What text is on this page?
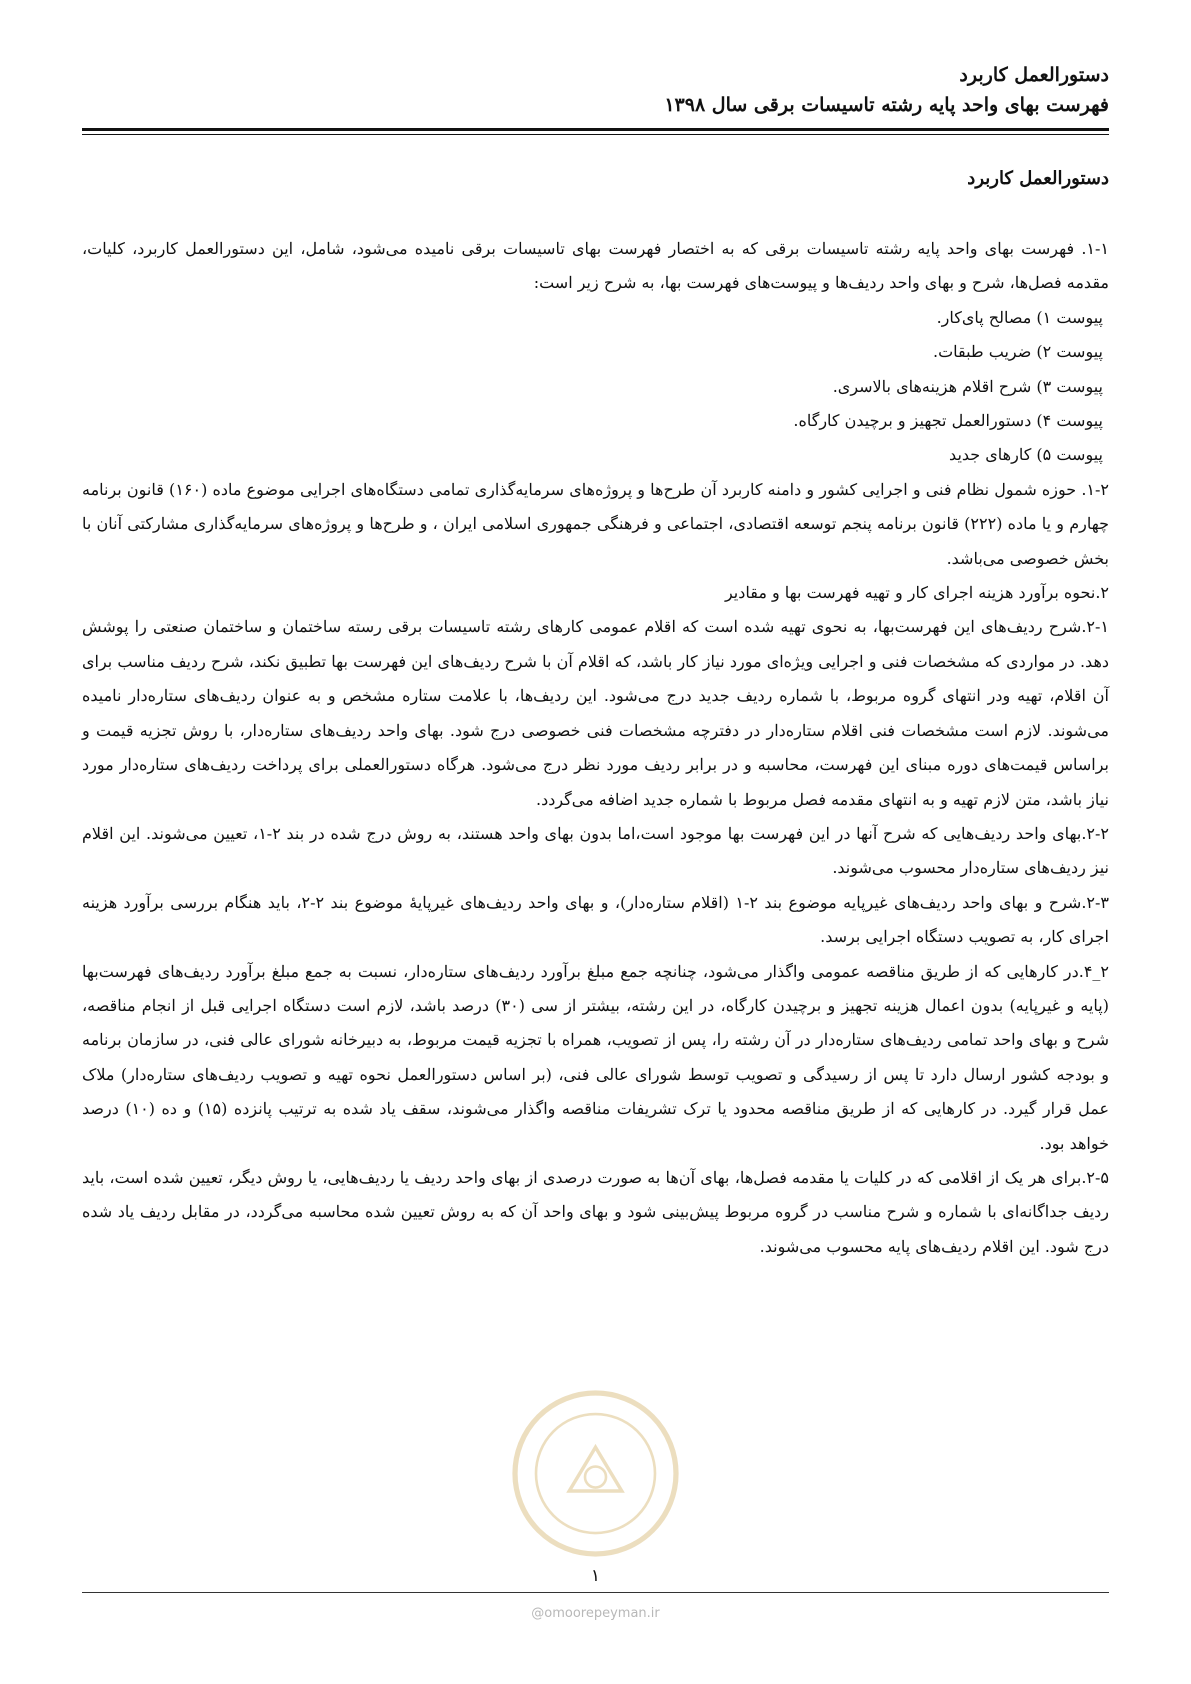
دستورالعمل کاربرد

فهرست بهای واحد پایه رشته تاسیسات برقی سال ۱۳۹۸

دستورالعمل کاربرد

۱-۱. فهرست بهای واحد پایه رشته تاسیسات برقی که به اختصار فهرست بهای تاسیسات برقی نامیده می‌شود، شامل، این دستورالعمل کاربرد، کلیات، مقدمه فصل‌ها، شرح و بهای واحد ردیف‌ها و پیوست‌های فهرست بها، به شرح زیر است:

پیوست ۱) مصالح پای‌کار.

پیوست ۲) ضریب طبقات.

پیوست ۳) شرح اقلام هزینه‌های بالاسری.

پیوست ۴) دستورالعمل تجهیز و برچیدن کارگاه.

پیوست ۵) کارهای جدید

۱-۲. حوزه شمول نظام فنی و اجرایی کشور و دامنه کاربرد آن طرح‌ها و پروژه‌های سرمایه‌گذاری تمامی دستگاه‌های اجرایی موضوع ماده (۱۶۰) قانون برنامه چهارم و یا ماده (۲۲۲) قانون برنامه پنجم توسعه اقتصادی، اجتماعی و فرهنگی جمهوری اسلامی ایران ، و طرح‌ها و پروژه‌های سرمایه‌گذاری مشارکتی آنان با بخش خصوصی می‌باشد.

۲.نحوه برآورد هزینه اجرای کار و تهیه فهرست بها و مقادیر

۲-۱.شرح ردیف‌های این فهرست‌بها، به نحوی تهیه شده است که اقلام عمومی کارهای رشته تاسیسات برقی رسته ساختمان و ساختمان صنعتی را پوشش دهد. در مواردی که مشخصات فنی و اجرایی ویژه‌ای مورد نیاز کار باشد، که اقلام آن با شرح ردیف‌های این فهرست بها تطبیق نکند، شرح ردیف مناسب برای آن اقلام، تهیه ودر انتهای گروه مربوط، با شماره ردیف جدید درج می‌شود. این ردیف‌ها، با علامت ستاره مشخص و به عنوان ردیف‌های ستاره‌دار نامیده می‌شوند. لازم است مشخصات فنی اقلام ستاره‌دار در دفترچه مشخصات فنی خصوصی درج شود. بهای واحد ردیف‌های ستاره‌دار، با روش تجزیه قیمت و براساس قیمت‌های دوره مبنای این فهرست، محاسبه و در برابر ردیف مورد نظر درج می‌شود. هرگاه دستورالعملی برای پرداخت ردیف‌های ستاره‌دار مورد نیاز باشد، متن لازم تهیه و به انتهای مقدمه فصل مربوط با شماره جدید اضافه می‌گردد.

۲-۲.بهای واحد ردیف‌هایی که شرح آنها در این فهرست بها موجود است،اما بدون بهای واحد هستند، به روش درج شده در بند ۲-۱، تعیین می‌شوند. این اقلام نیز ردیف‌های ستاره‌دار محسوب می‌شوند.

۲-۳.شرح و بهای واحد ردیف‌های غیرپایه موضوع بند ۲-۱ (اقلام ستاره‌دار)، و بهای واحد ردیف‌های غیرپایهٔ موضوع بند ۲-۲، باید هنگام بررسی برآورد هزینه اجرای کار، به تصویب دستگاه اجرایی برسد.

۲_۴.در کارهایی که از طریق مناقصه عمومی واگذار می‌شود، چنانچه جمع مبلغ برآورد ردیف‌های ستاره‌دار، نسبت به جمع مبلغ برآورد ردیف‌های فهرست‌بها (پایه و غیرپایه) بدون اعمال هزینه تجهیز و برچیدن کارگاه، در این رشته، بیشتر از سی (۳۰) درصد باشد، لازم است دستگاه اجرایی قبل از انجام مناقصه، شرح و بهای واحد تمامی ردیف‌های ستاره‌دار در آن رشته را، پس از تصویب، همراه با تجزیه قیمت مربوط، به دبیرخانه شورای عالی فنی، در سازمان برنامه و بودجه کشور ارسال دارد تا پس از رسیدگی و تصویب توسط شورای عالی فنی، (بر اساس دستورالعمل نحوه تهیه و تصویب ردیف‌های ستاره‌دار) ملاک عمل قرار گیرد. در کارهایی که از طریق مناقصه محدود یا ترک تشریفات مناقصه واگذار می‌شوند، سقف یاد شده به ترتیب پانزده (۱۵) و ده (۱۰) درصد خواهد بود.

۲-۵.برای هر یک از اقلامی که در کلیات یا مقدمه فصل‌ها، بهای آن‌ها به صورت درصدی از بهای واحد ردیف یا ردیف‌هایی، یا روش دیگر، تعیین شده است، باید ردیف جداگانه‌ای با شماره و شرح مناسب در گروه مربوط پیش‌بینی شود و بهای واحد آن که به روش تعیین شده محاسبه می‌گردد، در مقابل ردیف یاد شده درج شود. این اقلام ردیف‌های پایه محسوب می‌شوند.

۱
@omoorepeyman.ir
